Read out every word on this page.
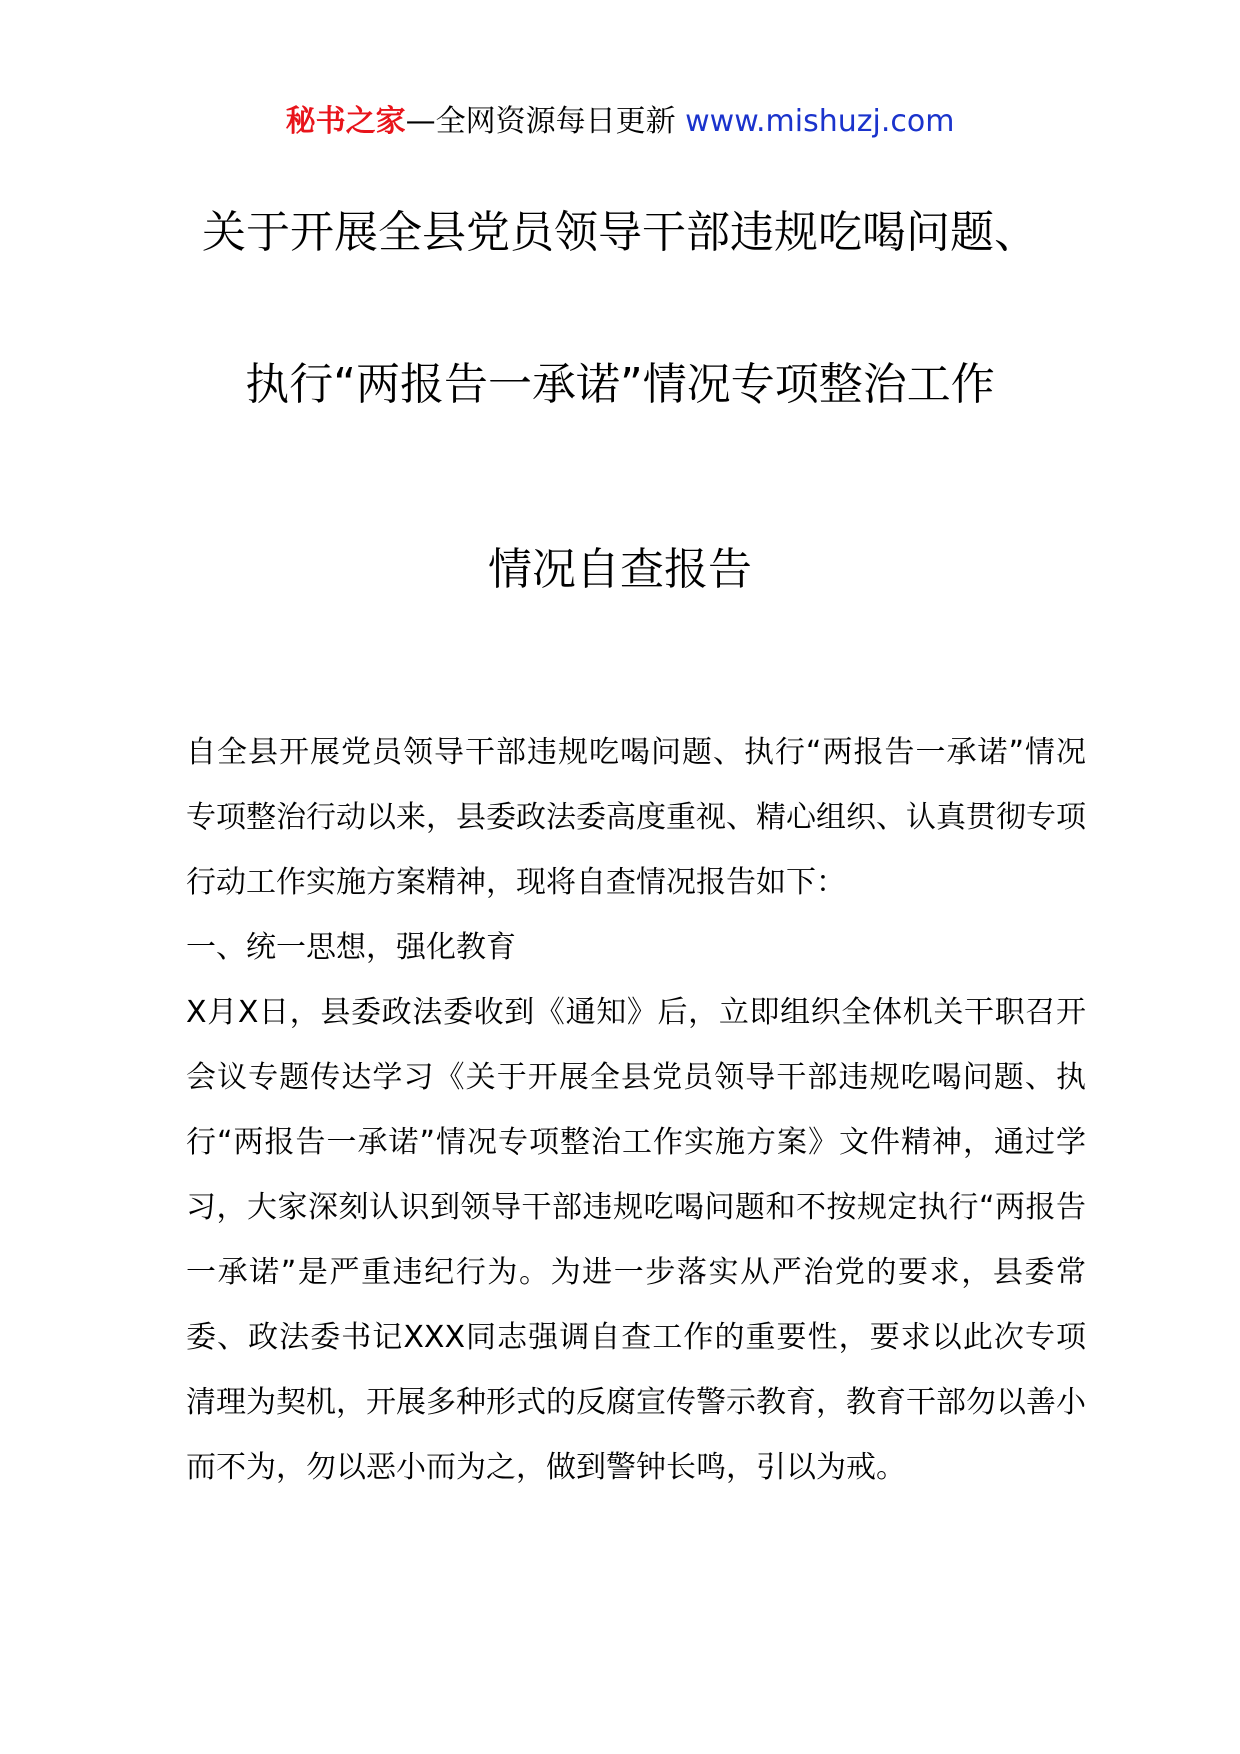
秘书之家—全网资源每日更新 www.mishuzj.com
关于开展全县党员领导干部违规吃喝问题、
执行“两报告一承诺”情况专项整治工作
情况自查报告

自全县开展党员领导干部违规吃喝问题、执行“两报告一承诺”情况专项整治行动以来，县委政法委高度重视、精心组织、认真贯彻专项行动工作实施方案精神，现将自查情况报告如下：

一、统一思想，强化教育

X月X日，县委政法委收到《通知》后，立即组织全体机关干职召开会议专题传达学习《关于开展全县党员领导干部违规吃喝问题、执行“两报告一承诺”情况专项整治工作实施方案》文件精神，通过学习，大家深刻认识到领导干部违规吃喝问题和不按规定执行“两报告一承诺”是严重违纪行为。为进一步落实从严治党的要求，县委常委、政法委书记XXX同志强调自查工作的重要性，要求以此次专项清理为契机，开展多种形式的反腐宣传警示教育，教育干部勿以善小而不为，勿以恶小而为之，做到警钟长鸣，引以为戒。
